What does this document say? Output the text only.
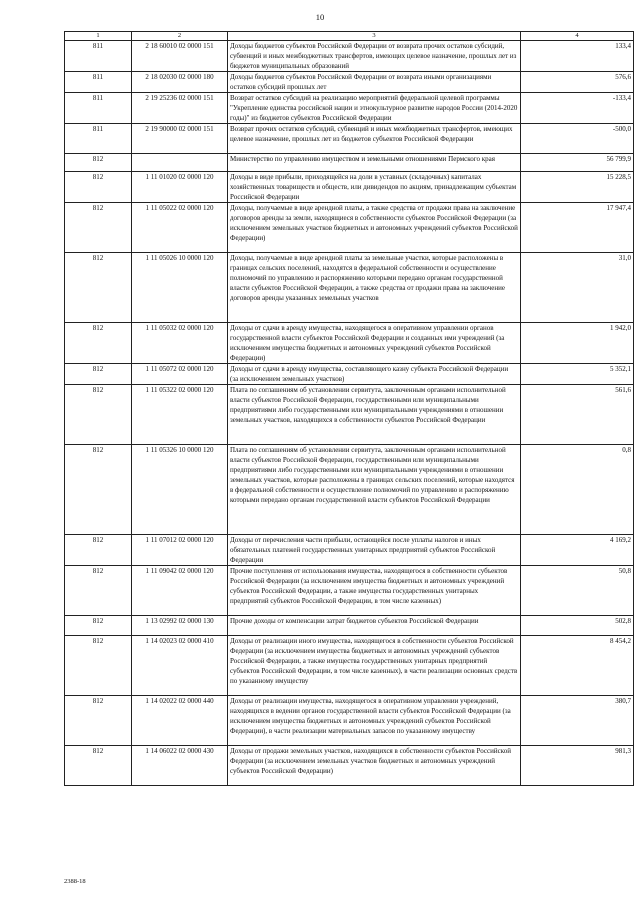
10
1	2	3	4
811	2 18 60010 02 0000 151	Доходы бюджетов субъектов Российской Федерации от возврата прочих остатков субсидий, субвенций и иных межбюджетных трансфертов, имеющих целевое назначение, прошлых лет из бюджетов муниципальных образований	133,4
811	2 18 02030 02 0000 180	Доходы бюджетов субъектов Российской Федерации от возврата иными организациями остатков субсидий прошлых лет	576,6
811	2 19 25236 02 0000 151	Возврат остатков субсидий на реализацию мероприятий федеральной целевой программы "Укрепление единства российской нации и этнокультурное развитие народов России (2014-2020 годы)" из бюджетов субъектов Российской Федерации	-133,4
811	2 19 90000 02 0000 151	Возврат прочих остатков субсидий, субвенций и иных межбюджетных трансфертов, имеющих целевое назначение, прошлых лет из бюджетов субъектов Российской Федерации	-500,0
812		Министерство по управлению имуществом и земельными отношениями Пермского края	56 799,9
812	1 11 01020 02 0000 120	Доходы в виде прибыли, приходящейся на доли в уставных (складочных) капиталах хозяйственных товариществ и обществ, или дивидендов по акциям, принадлежащим субъектам Российской Федерации	15 228,5
812	1 11 05022 02 0000 120	Доходы, получаемые в виде арендной платы, а также средства от продажи права на заключение договоров аренды за земли, находящиеся в собственности субъектов Российской Федерации (за исключением земельных участков бюджетных и автономных учреждений субъектов Российской Федерации)	17 947,4
812	1 11 05026 10 0000 120	Доходы, получаемые в виде арендной платы за земельные участки, которые расположены в границах сельских поселений, находятся в федеральной собственности и осуществление полномочий по управлению и распоряжению которыми передано органам государственной власти субъектов Российской Федерации, а также средства от продажи права на заключение договоров аренды указанных земельных участков	31,0
812	1 11 05032 02 0000 120	Доходы от сдачи в аренду имущества, находящегося в оперативном управлении органов государственной власти субъектов Российской Федерации и созданных ими учреждений (за исключением имущества бюджетных и автономных учреждений субъектов Российской Федерации)	1 942,0
812	1 11 05072 02 0000 120	Доходы от сдачи в аренду имущества, составляющего казну субъекта Российской Федерации (за исключением земельных участков)	5 352,1
812	1 11 05322 02 0000 120	Плата по соглашениям об установлении сервитута, заключенным органами исполнительной власти субъектов Российской Федерации, государственными или муниципальными предприятиями либо государственными или муниципальными учреждениями в отношении земельных участков, находящихся в собственности субъектов Российской Федерации	561,6
812	1 11 05326 10 0000 120	Плата по соглашениям об установлении сервитута, заключенным органами исполнительной власти субъектов Российской Федерации, государственными или муниципальными предприятиями либо государственными или муниципальными учреждениями в отношении земельных участков, которые расположены в границах сельских поселений, которые находятся в федеральной собственности и осуществление полномочий по управлению и распоряжению которыми передано органам государственной власти субъектов Российской Федерации	0,8
812	1 11 07012 02 0000 120	Доходы от перечисления части прибыли, остающейся после уплаты налогов и иных обязательных платежей государственных унитарных предприятий субъектов Российской Федерации	4 169,2
812	1 11 09042 02 0000 120	Прочие поступления от использования имущества, находящегося в собственности субъектов Российской Федерации (за исключением имущества бюджетных и автономных учреждений субъектов Российской Федерации, а также имущества государственных унитарных предприятий субъектов Российской Федерации, в том числе казенных)	50,8
812	1 13 02992 02 0000 130	Прочие доходы от компенсации затрат бюджетов субъектов Российской Федерации	502,8
812	1 14 02023 02 0000 410	Доходы от реализации иного имущества, находящегося в собственности субъектов Российской Федерации (за исключением имущества бюджетных и автономных учреждений субъектов Российской Федерации, а также имущества государственных унитарных предприятий субъектов Российской Федерации, в том числе казенных), в части реализации основных средств по указанному имуществу	8 454,2
812	1 14 02022 02 0000 440	Доходы от реализации имущества, находящегося в оперативном управлении учреждений, находящихся в ведении органов государственной власти субъектов Российской Федерации (за исключением имущества бюджетных и автономных учреждений субъектов Российской Федерации), в части реализации материальных запасов по указанному имуществу	380,7
812	1 14 06022 02 0000 430	Доходы от продажи земельных участков, находящихся в собственности субъектов Российской Федерации (за исключением земельных участков бюджетных и автономных учреждений субъектов Российской Федерации)	981,3
2388-18
